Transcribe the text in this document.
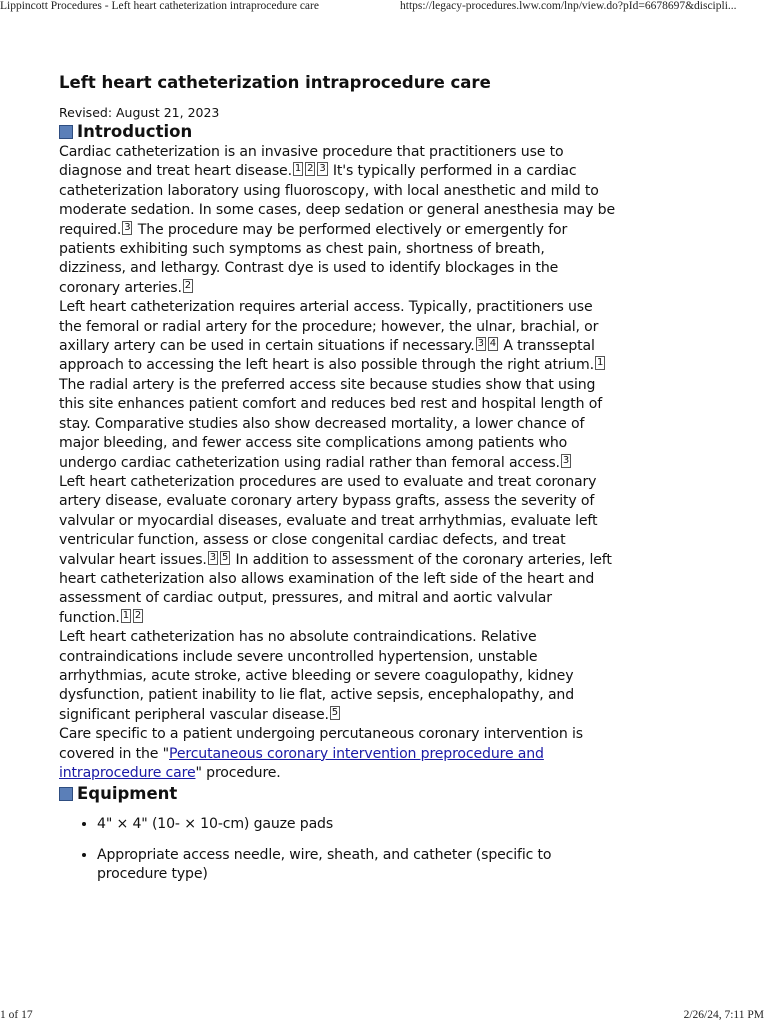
Lippincott Procedures - Left heart catheterization intraprocedure care	https://legacy-procedures.lww.com/lnp/view.do?pId=6678697&discipli...
Left heart catheterization intraprocedure care
Revised: August 21, 2023
Introduction

Cardiac catheterization is an invasive procedure that practitioners use to diagnose and treat heart disease. 1 2 3 It's typically performed in a cardiac catheterization laboratory using fluoroscopy, with local anesthetic and mild to moderate sedation. In some cases, deep sedation or general anesthesia may be required. 3 The procedure may be performed electively or emergently for patients exhibiting such symptoms as chest pain, shortness of breath, dizziness, and lethargy. Contrast dye is used to identify blockages in the coronary arteries. 2

Left heart catheterization requires arterial access. Typically, practitioners use the femoral or radial artery for the procedure; however, the ulnar, brachial, or axillary artery can be used in certain situations if necessary. 3 4 A transseptal approach to accessing the left heart is also possible through the right atrium. 1 The radial artery is the preferred access site because studies show that using this site enhances patient comfort and reduces bed rest and hospital length of stay. Comparative studies also show decreased mortality, a lower chance of major bleeding, and fewer access site complications among patients who undergo cardiac catheterization using radial rather than femoral access. 3

Left heart catheterization procedures are used to evaluate and treat coronary artery disease, evaluate coronary artery bypass grafts, assess the severity of valvular or myocardial diseases, evaluate and treat arrhythmias, evaluate left ventricular function, assess or close congenital cardiac defects, and treat valvular heart issues. 3 5 In addition to assessment of the coronary arteries, left heart catheterization also allows examination of the left side of the heart and assessment of cardiac output, pressures, and mitral and aortic valvular function. 1 2

Left heart catheterization has no absolute contraindications. Relative contraindications include severe uncontrolled hypertension, unstable arrhythmias, acute stroke, active bleeding or severe coagulopathy, kidney dysfunction, patient inability to lie flat, active sepsis, encephalopathy, and significant peripheral vascular disease. 5

Care specific to a patient undergoing percutaneous coronary intervention is covered in the "Percutaneous coronary intervention preprocedure and intraprocedure care" procedure.

Equipment
• 4" × 4" (10- × 10-cm) gauze pads
• Appropriate access needle, wire, sheath, and catheter (specific to procedure type)
1 of 17	2/26/24, 7:11 PM
